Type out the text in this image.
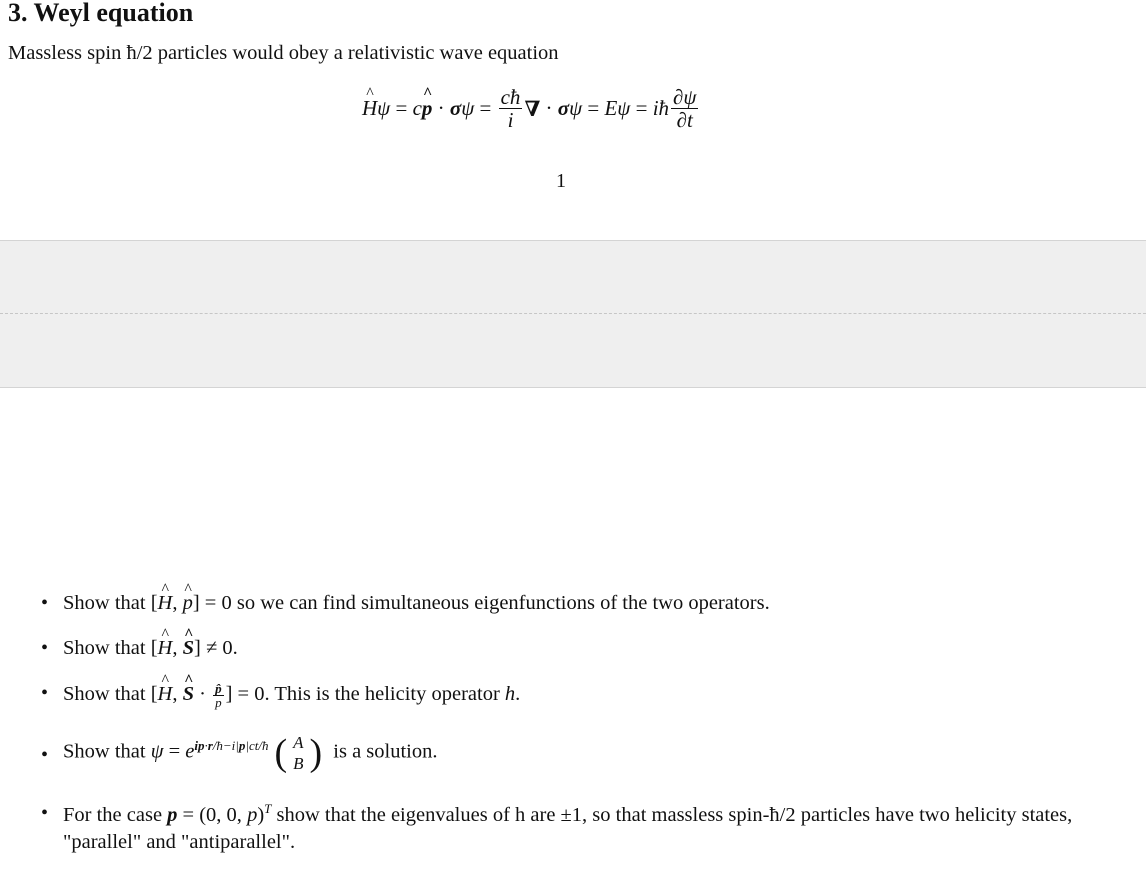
3. Weyl equation
Massless spin ħ/2 particles would obey a relativistic wave equation
^ H ψ = c
^ p · σ $\psi = \frac{cħ}{i}$ ∇ · σ ψ = Eψ = iħ $\frac{\partial\psi}{\partial t}$
1
• Show that [^ H, ^ p] = 0 so we can find simultaneous eigenfunctions of the two operators.
• Show that [^ H, ^ S] ≠ 0.
• Show that [^ H, ^ $S \cdot \frac{p̂}{p}$ ] = 0. This is the helicity operator h.
• Show that $\psi = e^{ip\cdot r/ħ-i|p|ct/ħ}$ ( A
B ) is a solution.
• For the case p = (0, 0, p)$^T$ show that the eigenvalues of h are ±1, so that massless spin-ħ/2 particles have two helicity states, "parallel" and "antiparallel".
